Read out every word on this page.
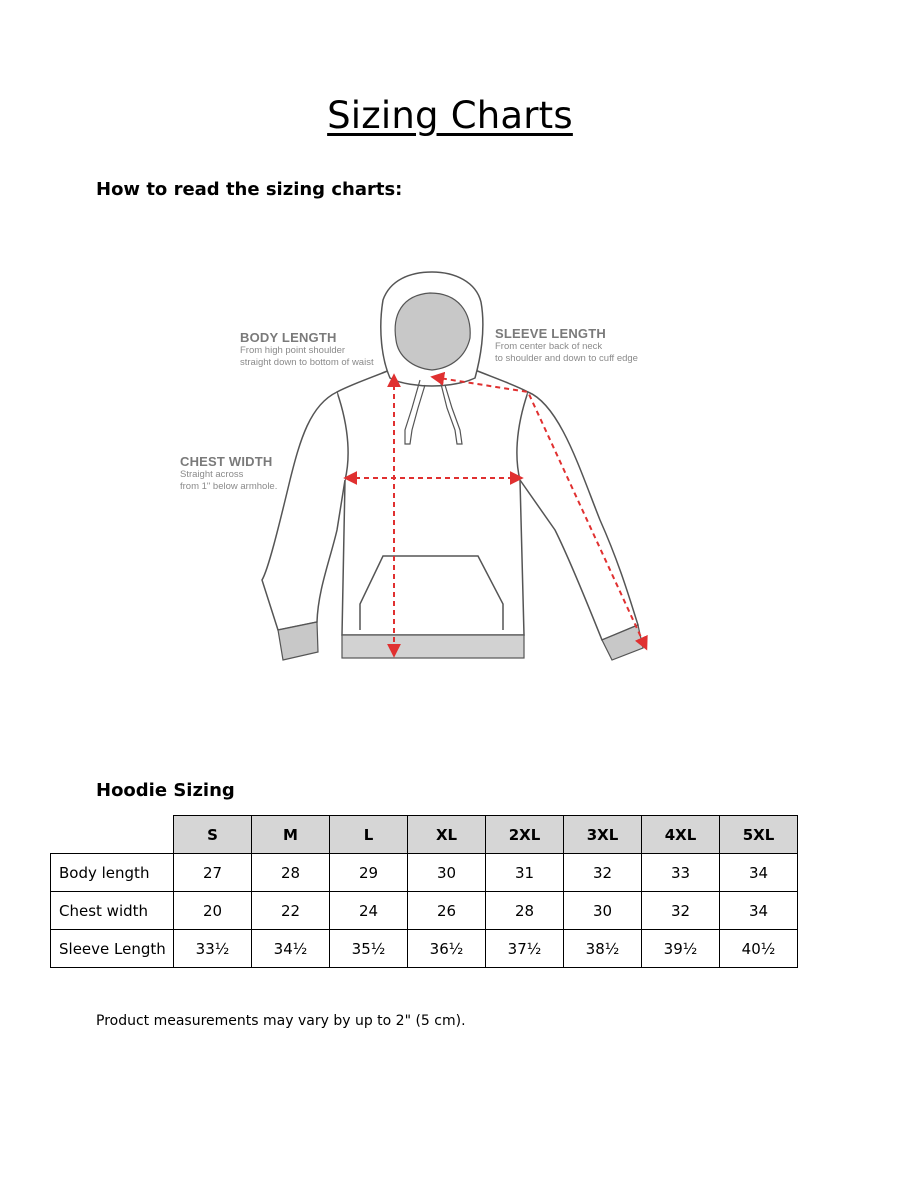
Sizing Charts
How to read the sizing charts:
BODY LENGTH
From high point shoulder
straight down to bottom of waist
SLEEVE LENGTH
From center back of neck
to shoulder and down to cuff edge
CHEST WIDTH
Straight across
from 1" below armhole.
Hoodie Sizing
	S	M	L	XL	2XL	3XL	4XL	5XL
Body length	27	28	29	30	31	32	33	34
Chest width	20	22	24	26	28	30	32	34
Sleeve Length	33½	34½	35½	36½	37½	38½	39½	40½
Product measurements may vary by up to 2" (5 cm).
